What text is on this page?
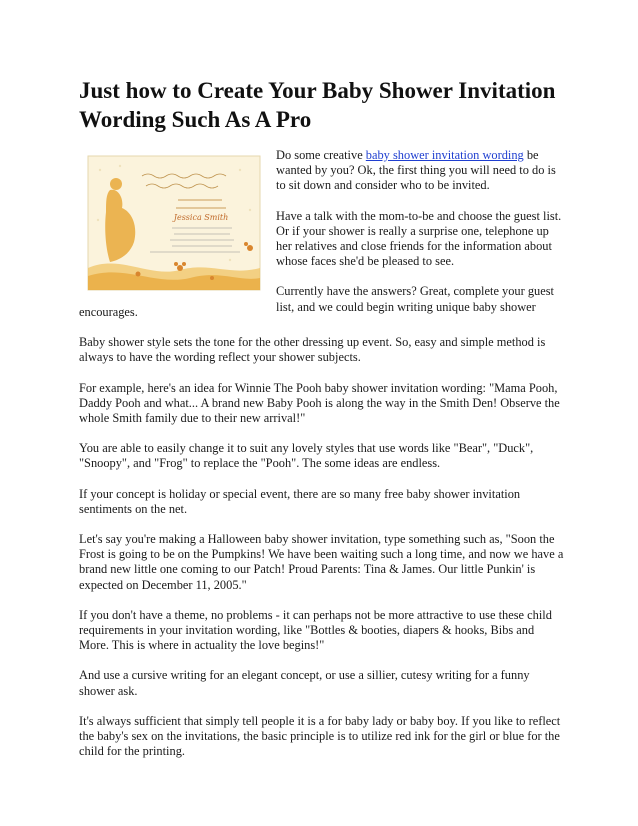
Just how to Create Your Baby Shower Invitation Wording Such As A Pro
Jessica Smith

Do some creative baby shower invitation wording be wanted by you? Ok, the first thing you will need to do is to sit down and consider who to be invited.

Have a talk with the mom-to-be and choose the guest list. Or if your shower is really a surprise one, telephone up her relatives and close friends for the information about whose faces she'd be pleased to see.

Currently have the answers? Great, complete your guest list, and we could begin writing unique baby shower

encourages.

Baby shower style sets the tone for the other dressing up event. So, easy and simple method is always to have the wording reflect your shower subjects.

For example, here's an idea for Winnie The Pooh baby shower invitation wording: "Mama Pooh, Daddy Pooh and what... A brand new Baby Pooh is along the way in the Smith Den! Observe the whole Smith family due to their new arrival!"

You are able to easily change it to suit any lovely styles that use words like "Bear", "Duck", "Snoopy", and "Frog" to replace the "Pooh". The some ideas are endless.

If your concept is holiday or special event, there are so many free baby shower invitation sentiments on the net.

Let's say you're making a Halloween baby shower invitation, type something such as, "Soon the Frost is going to be on the Pumpkins! We have been waiting such a long time, and now we have a brand new little one coming to our Patch! Proud Parents: Tina & James. Our little Punkin' is expected on December 11, 2005."

If you don't have a theme, no problems - it can perhaps not be more attractive to use these child requirements in your invitation wording, like "Bottles & booties, diapers & hooks, Bibs and More. This is where in actuality the love begins!"

And use a cursive writing for an elegant concept, or use a sillier, cutesy writing for a funny shower ask.

It's always sufficient that simply tell people it is a for baby lady or baby boy. If you like to reflect the baby's sex on the invitations, the basic principle is to utilize red ink for the girl or blue for the child for the printing.
